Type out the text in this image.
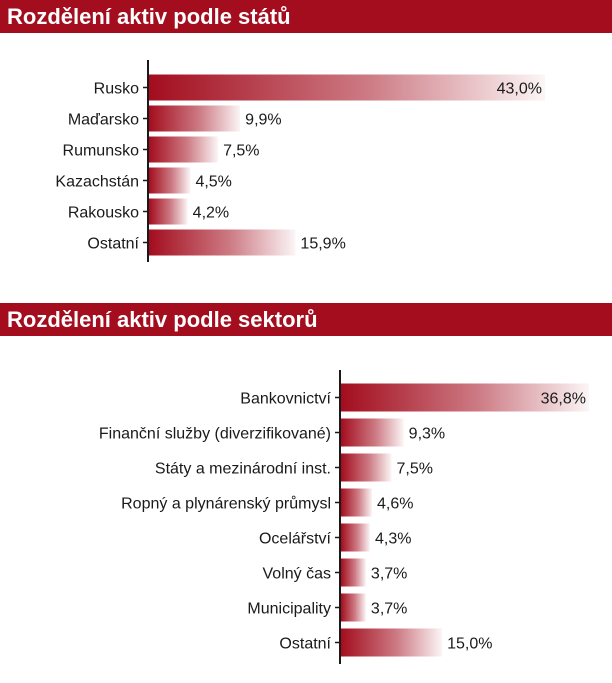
Rozdělení aktiv podle států
Rusko	43,0%
Maďarsko	9,9%
Rumunsko	7,5%
Kazachstán	4,5%
Rakousko	4,2%
Ostatní	15,9%
Rozdělení aktiv podle sektorů
Bankovnictví	36,8%
Finanční služby (diverzifikované)	9,3%
Státy a mezinárodní inst.	7,5%
Ropný a plynárenský průmysl	4,6%
Ocelářství	4,3%
Volný čas 3,7%
Municipality 3,7%
Ostatní	15,0%
